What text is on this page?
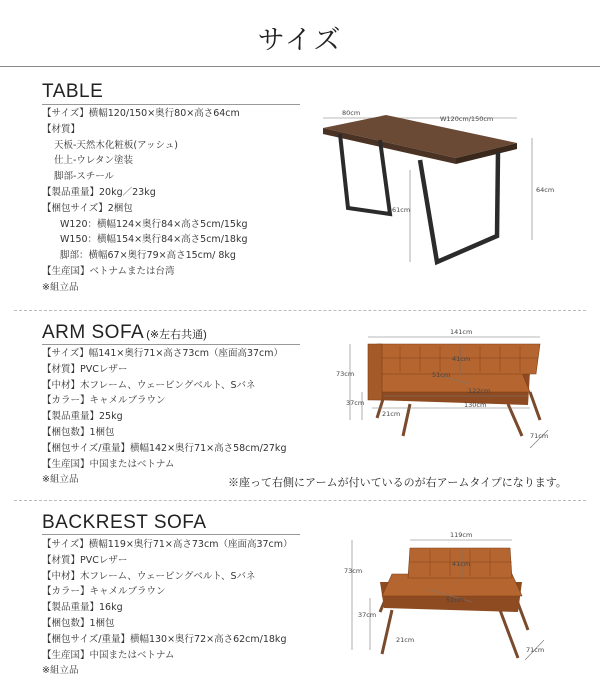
サイズ
TABLE
【サイズ】横幅120/150×奥行80×高さ64cm
【材質】
天板-天然木化粧板(アッシュ)
仕上-ウレタン塗装
脚部-スチール
【製品重量】20kg／23kg
【梱包サイズ】2梱包
W120：横幅124×奥行84×高さ5cm/15kg
W150：横幅154×奥行84×高さ5cm/18kg
脚部：横幅67×奥行79×高さ15cm/ 8kg
【生産国】ベトナムまたは台湾
※組立品
80cm
W120cm/150cm
64cm
61cm
ARM SOFA (※左右共通)
【サイズ】幅141×奥行71×高さ73cm（座面高37cm）
【材質】PVCレザー
【中材】木フレーム、ウェービングベルト、Sバネ
【カラー】キャメルブラウン
【製品重量】25kg
【梱包数】1梱包
【梱包サイズ/重量】横幅142×奥行71×高さ58cm/27kg
【生産国】中国またはベトナム
※組立品
141cm
41cm
51cm
122cm
130cm
73cm
37cm
21cm
71cm
※座って右側にアームが付いているのが右アームタイプになります。
BACKREST SOFA
【サイズ】横幅119×奥行71×高さ73cm（座面高37cm）
【材質】PVCレザー
【中材】木フレーム、ウェービングベルト、Sバネ
【カラー】キャメルブラウン
【製品重量】16kg
【梱包数】1梱包
【梱包サイズ/重量】横幅130×奥行72×高さ62cm/18kg
【生産国】中国またはベトナム
※組立品
119cm
41cm
51cm
73cm
37cm
21cm
71cm
